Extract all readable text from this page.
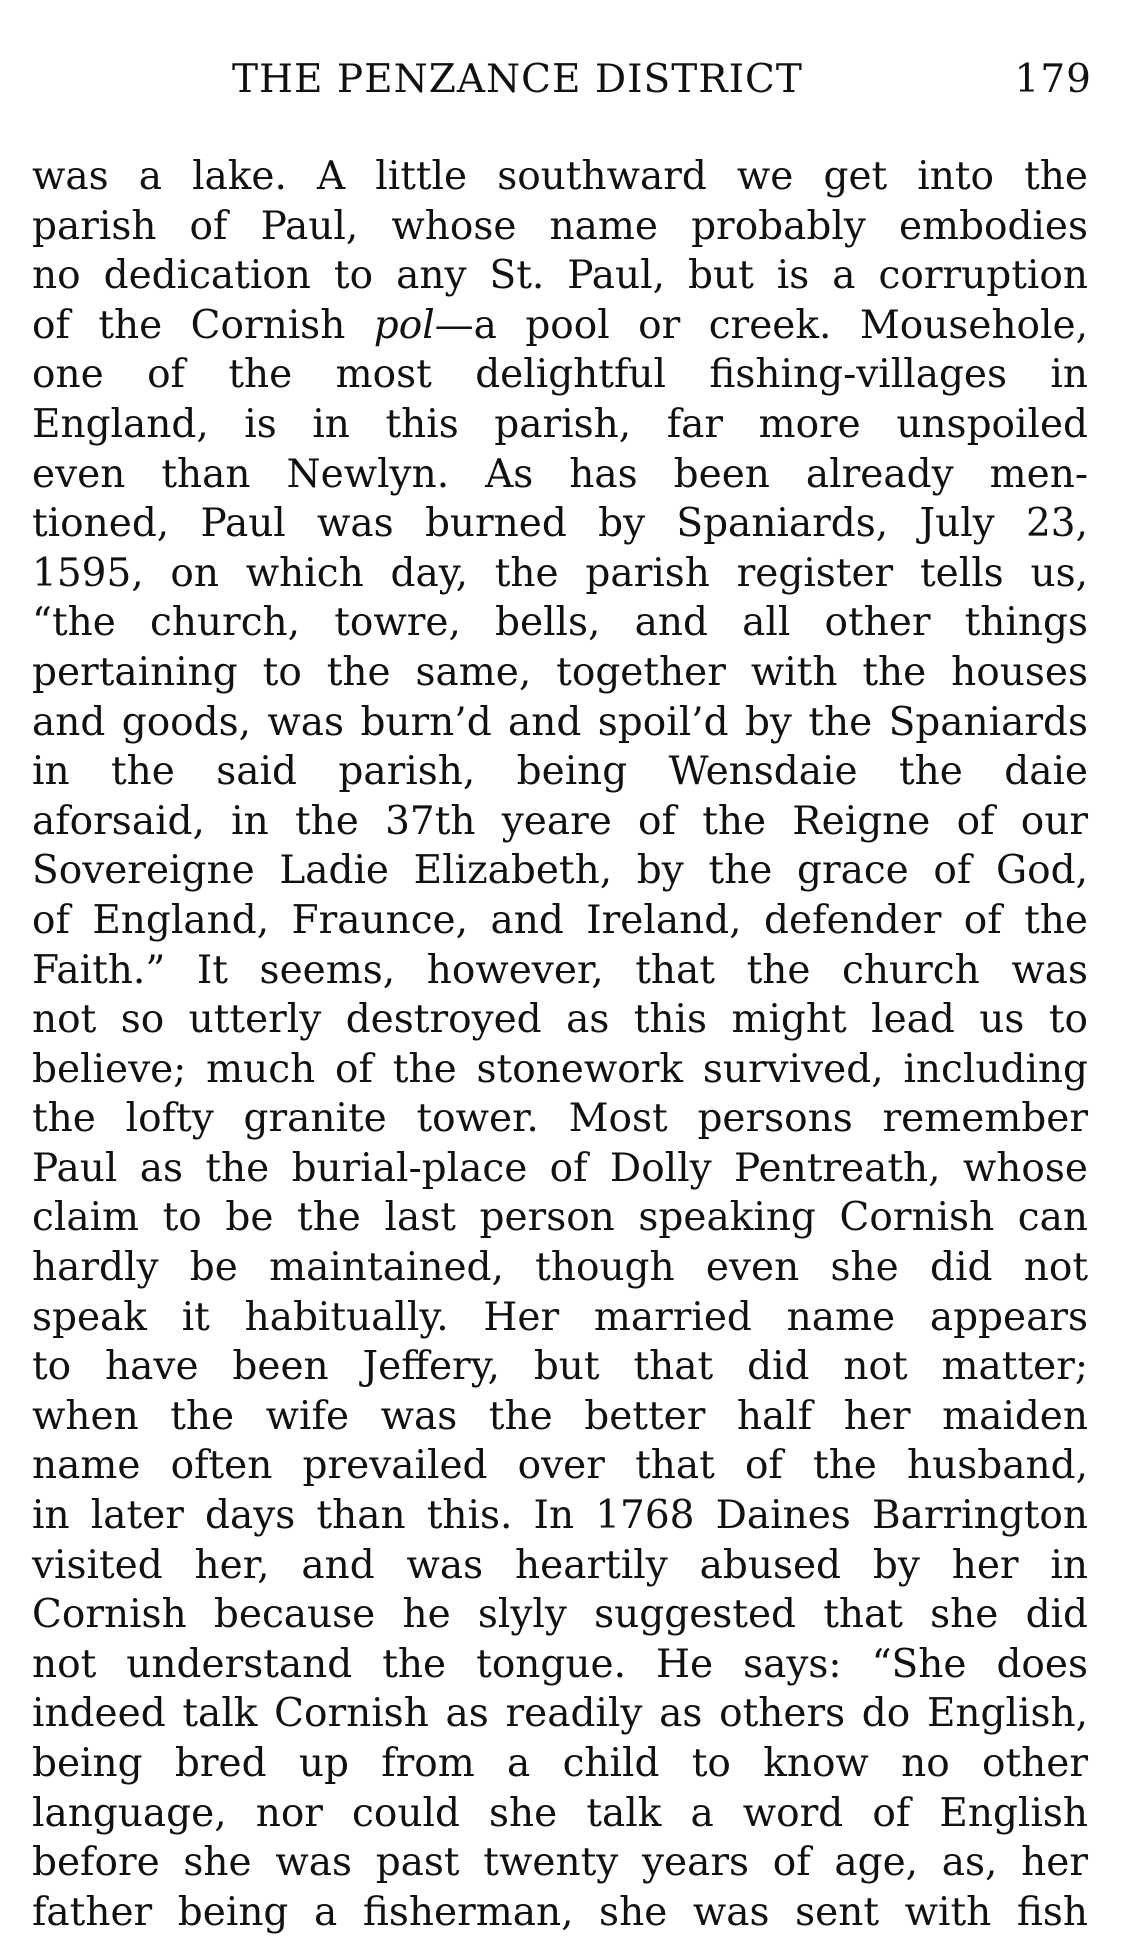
THE PENZANCE DISTRICT	179
was a lake. A little southward we get into the
parish of Paul, whose name probably embodies
no dedication to any St. Paul, but is a corruption
of the Cornish pol—a pool or creek. Mousehole,
one of the most delightful fishing-villages in
England, is in this parish, far more unspoiled
even than Newlyn. As has been already men-
tioned, Paul was burned by Spaniards, July 23,
1595, on which day, the parish register tells us,
“the church, towre, bells, and all other things
pertaining to the same, together with the houses
and goods, was burn’d and spoil’d by the Spaniards
in the said parish, being Wensdaie the daie
aforsaid, in the 37th yeare of the Reigne of our
Sovereigne Ladie Elizabeth, by the grace of God,
of England, Fraunce, and Ireland, defender of the
Faith.” It seems, however, that the church was
not so utterly destroyed as this might lead us to
believe; much of the stonework survived, including
the lofty granite tower. Most persons remember
Paul as the burial-place of Dolly Pentreath, whose
claim to be the last person speaking Cornish can
hardly be maintained, though even she did not
speak it habitually. Her married name appears
to have been Jeffery, but that did not matter;
when the wife was the better half her maiden
name often prevailed over that of the husband,
in later days than this. In 1768 Daines Barrington
visited her, and was heartily abused by her in
Cornish because he slyly suggested that she did
not understand the tongue. He says: “She does
indeed talk Cornish as readily as others do English,
being bred up from a child to know no other
language, nor could she talk a word of English
before she was past twenty years of age, as, her
father being a fisherman, she was sent with fish
